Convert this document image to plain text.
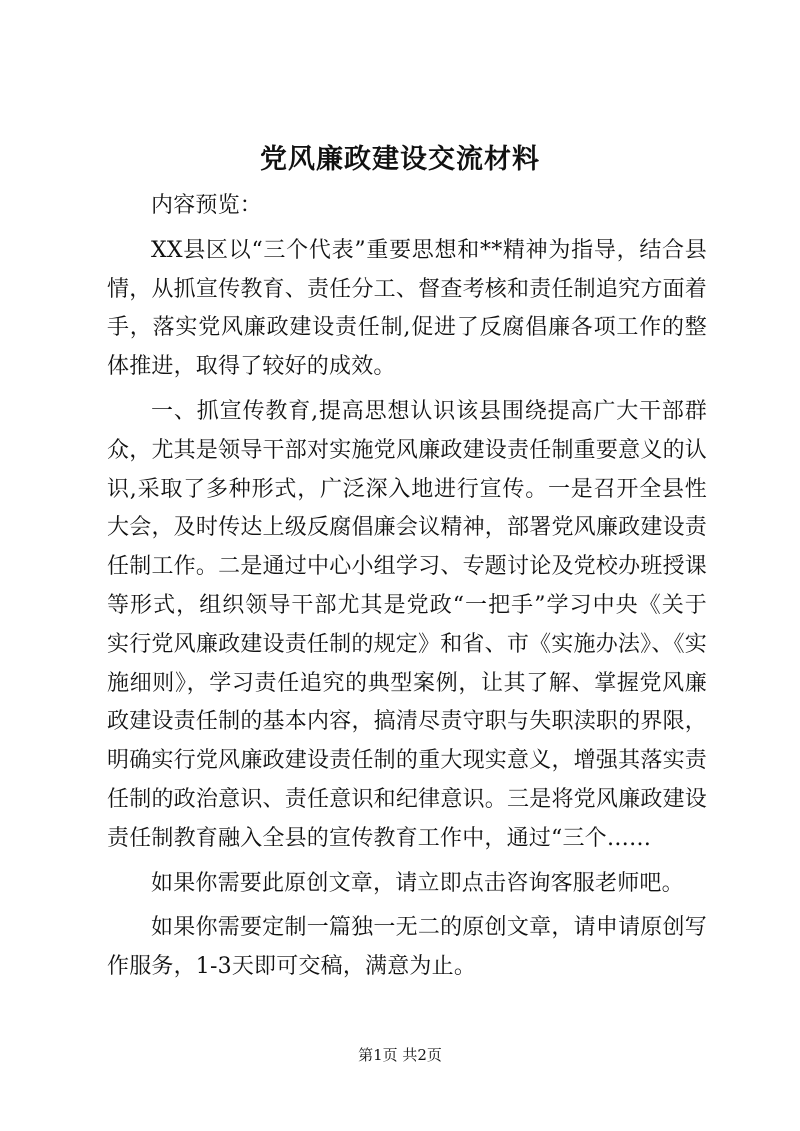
党风廉政建设交流材料

内容预览：

XX县区以“三个代表”重要思想和**精神为指导，结合县情，从抓宣传教育、责任分工、督查考核和责任制追究方面着手，落实党风廉政建设责任制,促进了反腐倡廉各项工作的整体推进，取得了较好的成效。

一、抓宣传教育,提高思想认识该县围绕提高广大干部群众，尤其是领导干部对实施党风廉政建设责任制重要意义的认识,采取了多种形式，广泛深入地进行宣传。一是召开全县性大会，及时传达上级反腐倡廉会议精神，部署党风廉政建设责任制工作。二是通过中心小组学习、专题讨论及党校办班授课等形式，组织领导干部尤其是党政“一把手”学习中央《关于实行党风廉政建设责任制的规定》和省、市《实施办法》、《实施细则》，学习责任追究的典型案例，让其了解、掌握党风廉政建设责任制的基本内容，搞清尽责守职与失职渎职的界限，明确实行党风廉政建设责任制的重大现实意义，增强其落实责任制的政治意识、责任意识和纪律意识。三是将党风廉政建设责任制教育融入全县的宣传教育工作中，通过“三个……

如果你需要此原创文章，请立即点击咨询客服老师吧。

如果你需要定制一篇独一无二的原创文章，请申请原创写作服务，1-3天即可交稿，满意为止。

第1页 共2页
